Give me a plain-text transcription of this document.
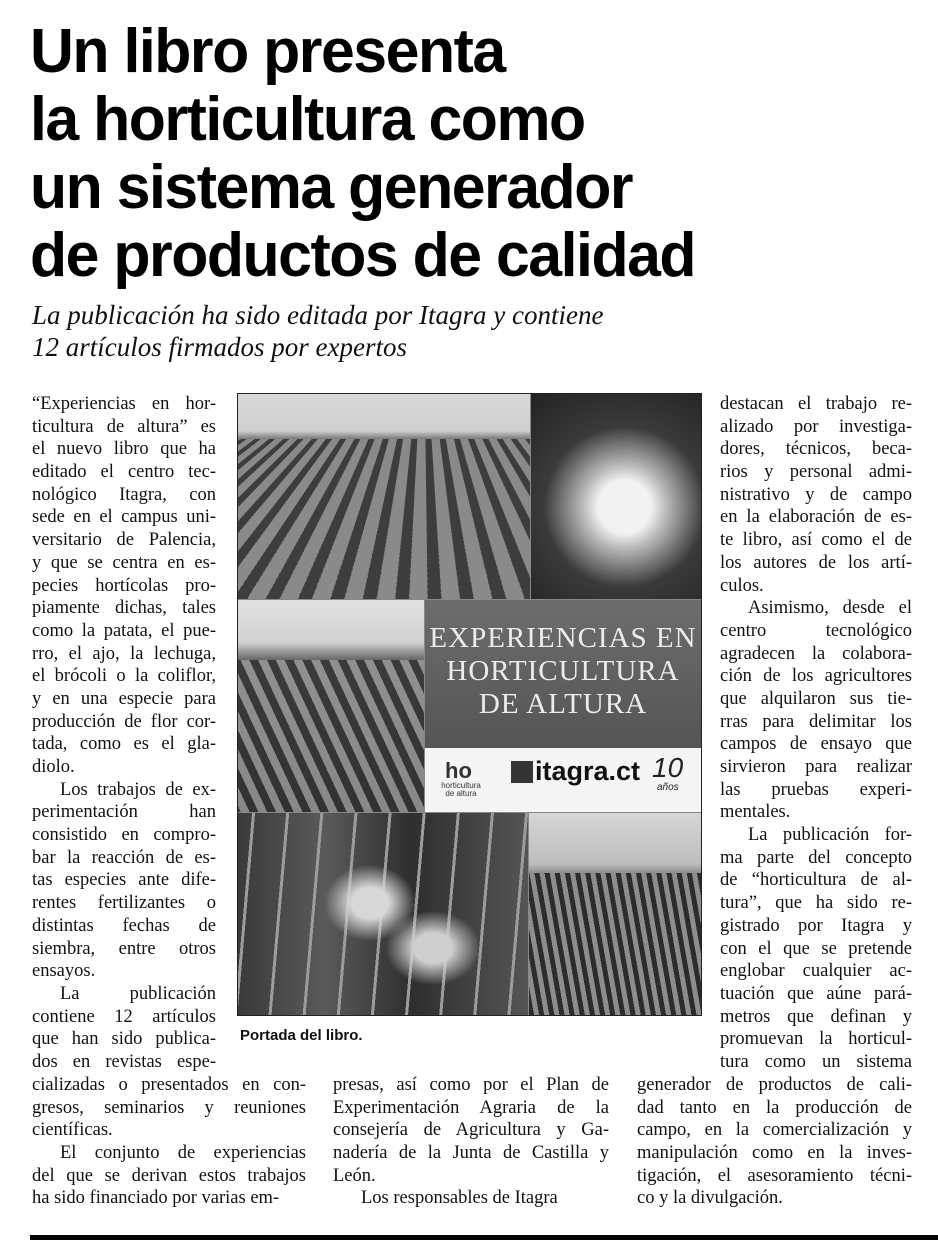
Un libro presenta
la horticultura como
un sistema generador
de productos de calidad
La publicación ha sido editada por Itagra y contiene
12 artículos firmados por expertos
“Experiencias en hor-
ticultura de altura” es
el nuevo libro que ha
editado el centro tec-
nológico Itagra, con
sede en el campus uni-
versitario de Palencia,
y que se centra en es-
pecies hortícolas pro-
piamente dichas, tales
como la patata, el pue-
rro, el ajo, la lechuga,
el brócoli o la coliflor,
y en una especie para
producción de flor cor-
tada, como es el gla-
diolo.
Los trabajos de ex-
perimentación han
consistido en compro-
bar la reacción de es-
tas especies ante dife-
rentes fertilizantes o
distintas fechas de
siembra, entre otros
ensayos.
La publicación
contiene 12 artículos
que han sido publica-
dos en revistas espe-
cializadas o presentados en con-
gresos, seminarios y reuniones
científicas.
El conjunto de experiencias
del que se derivan estos trabajos
ha sido financiado por varias em-
presas, así como por el Plan de
Experimentación Agraria de la
consejería de Agricultura y Ga-
nadería de la Junta de Castilla y
León.
Los responsables de Itagra
destacan el trabajo re-
alizado por investiga-
dores, técnicos, beca-
rios y personal admi-
nistrativo y de campo
en la elaboración de es-
te libro, así como el de
los autores de los artí-
culos.
Asimismo, desde el
centro tecnológico
agradecen la colabora-
ción de los agricultores
que alquilaron sus tie-
rras para delimitar los
campos de ensayo que
sirvieron para realizar
las pruebas experi-
mentales.
La publicación for-
ma parte del concepto
de “horticultura de al-
tura”, que ha sido re-
gistrado por Itagra y
con el que se pretende
englobar cualquier ac-
tuación que aúne pará-
metros que definan y
promuevan la horticul-
tura como un sistema
generador de productos de cali-
dad tanto en la producción de
campo, en la comercialización y
manipulación como en la inves-
tigación, el asesoramiento técni-
co y la divulgación.
EXPERIENCIAS EN
HORTICULTURA
DE ALTURA
ho
horticultura de altura
itagra.ct 10
años
Portada del libro.
